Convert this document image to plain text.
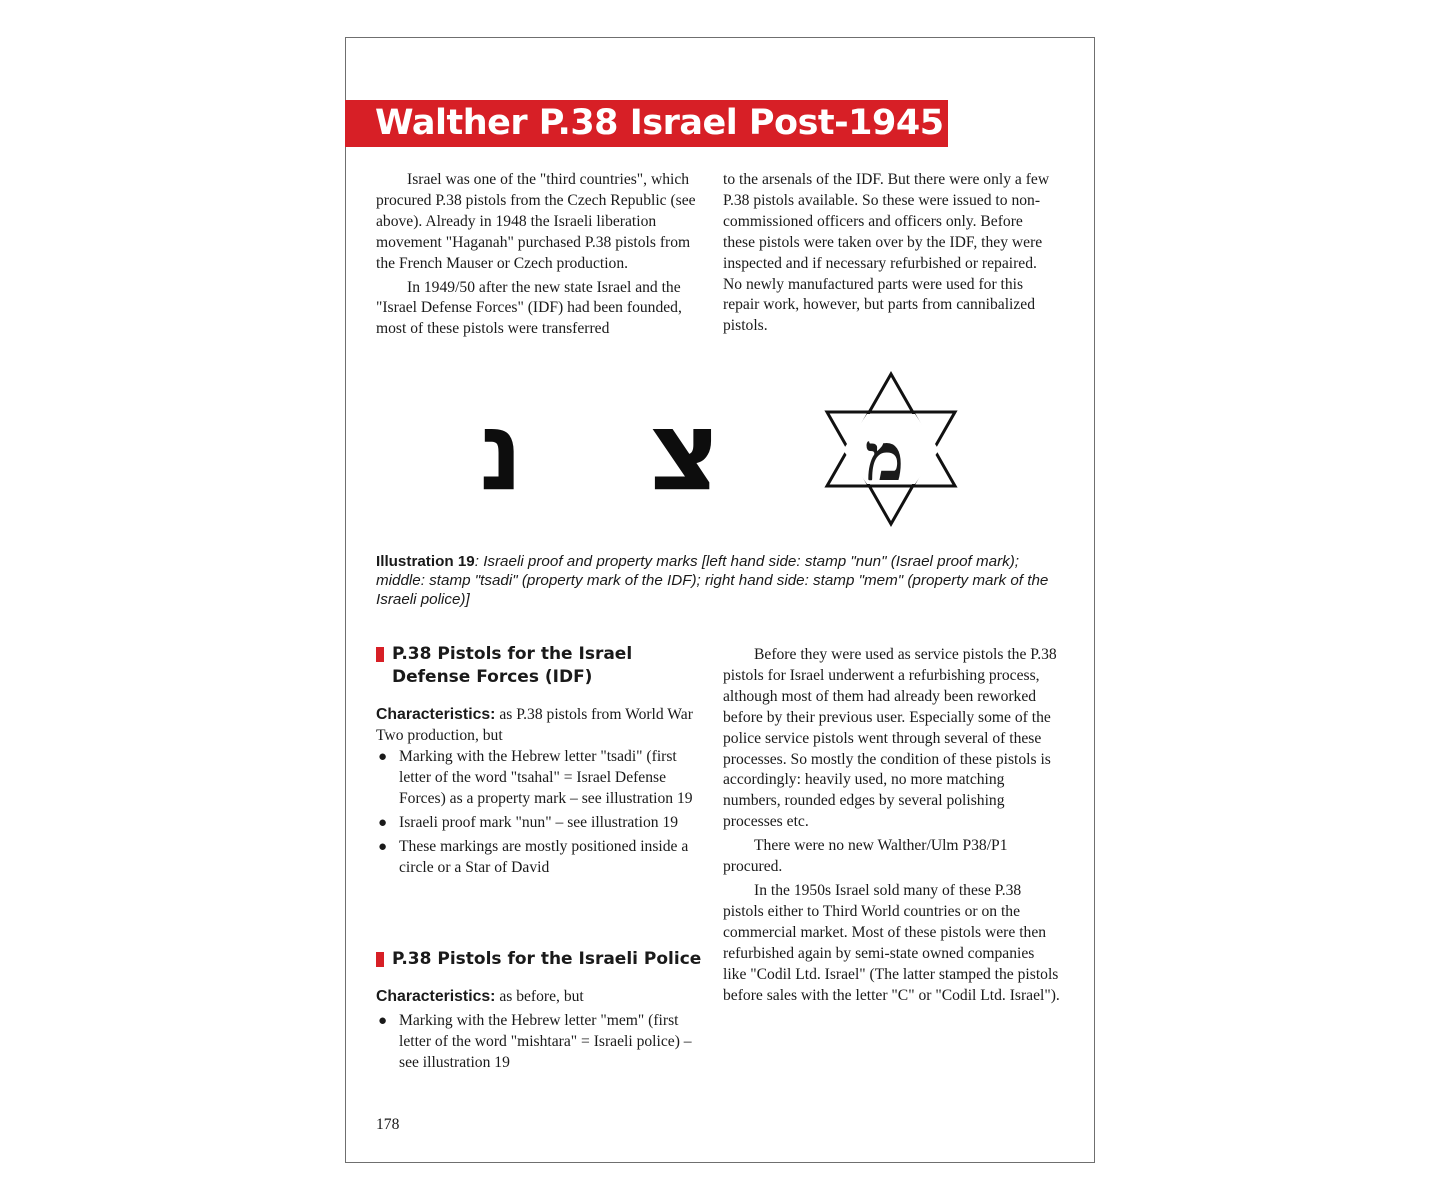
Walther P.38 Israel Post-1945

Israel was one of the "third countries", which procured P.38 pistols from the Czech Republic (see above). Already in 1948 the Israeli liberation movement "Haganah" purchased P.38 pistols from the French Mauser or Czech production.

In 1949/50 after the new state Israel and the "Israel Defense Forces" (IDF) had been founded, most of these pistols were transferred

to the arsenals of the IDF. But there were only a few P.38 pistols available. So these were issued to non-commissioned officers and officers only. Before these pistols were taken over by the IDF, they were inspected and if necessary refurbished or repaired. No newly manufactured parts were used for this repair work, however, but parts from cannibalized pistols.

נ צ מ
Illustration 19: Israeli proof and property marks [left hand side: stamp "nun" (Israel proof mark); middle: stamp "tsadi" (property mark of the IDF); right hand side: stamp "mem" (property mark of the Israeli police)]
P.38 Pistols for the Israel Defense Forces (IDF)
Characteristics: as P.38 pistols from World War Two production, but
● Marking with the Hebrew letter "tsadi" (first letter of the word "tsahal" = Israel Defense Forces) as a property mark – see illustration 19
● Israeli proof mark "nun" – see illustration 19
● These markings are mostly positioned inside a circle or a Star of David
P.38 Pistols for the Israeli Police
Characteristics: as before, but
● Marking with the Hebrew letter "mem" (first letter of the word "mishtara" = Israeli police) – see illustration 19

Before they were used as service pistols the P.38 pistols for Israel underwent a refurbishing process, although most of them had already been reworked before by their previous user. Especially some of the police service pistols went through several of these processes. So mostly the condition of these pistols is accordingly: heavily used, no more matching numbers, rounded edges by several polishing processes etc.

There were no new Walther/Ulm P38/P1 procured.

In the 1950s Israel sold many of these P.38 pistols either to Third World countries or on the commercial market. Most of these pistols were then refurbished again by semi-state owned companies like "Codil Ltd. Israel" (The latter stamped the pistols before sales with the letter "C" or "Codil Ltd. Israel").

178
